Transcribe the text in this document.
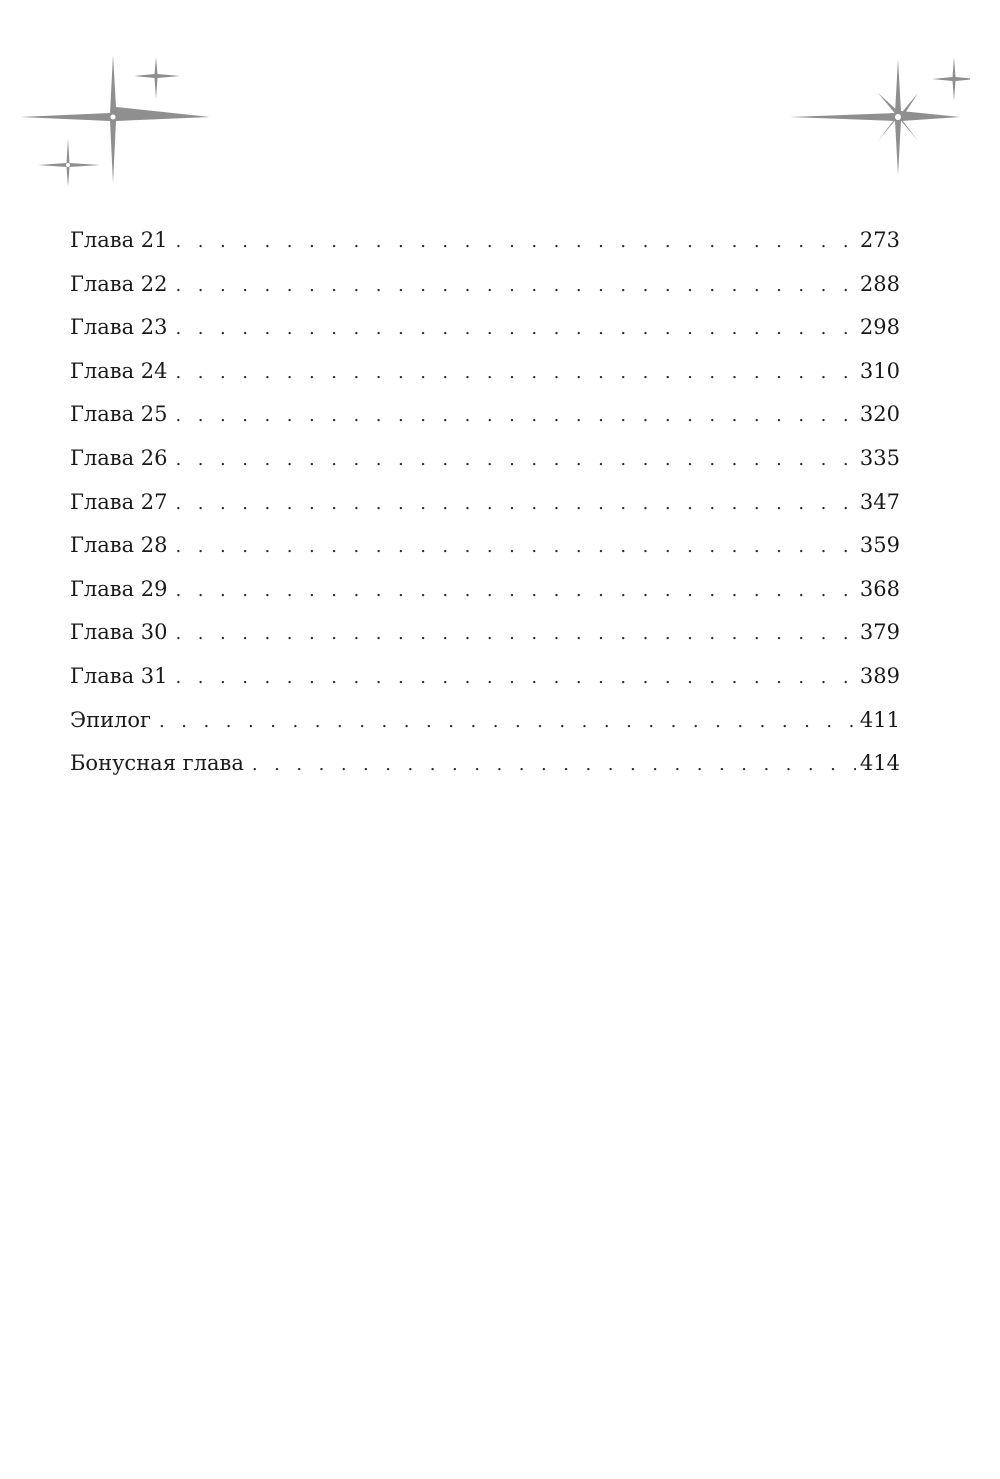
Глава 21 . . .	273
Глава 22 . . .	288
Глава 23 . . .	298
Глава 24 . . .	310
Глава 25 . . .	320
Глава 26 . . .	335
Глава 27 . . .	347
Глава 28 . . .	359
Глава 29 . . .	368
Глава 30 . . .	379
Глава 31 . . .	389
Эпилог . . .	411
Бонусная глава . . .	414
